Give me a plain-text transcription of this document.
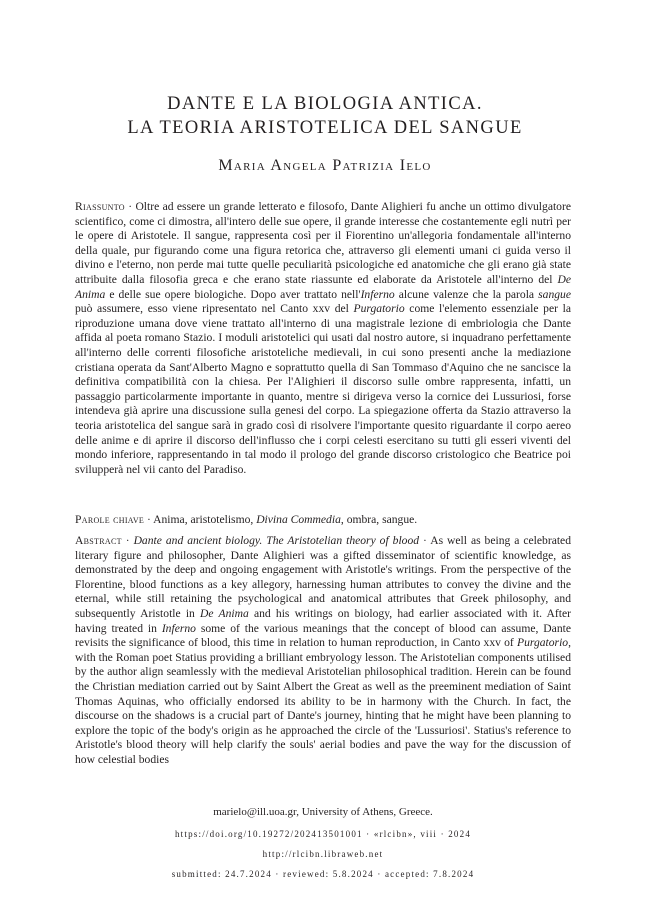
DANTE E LA BIOLOGIA ANTICA.
LA TEORIA ARISTOTELICA DEL SANGUE

Maria Angela Patrizia Ielo

Riassunto · Oltre ad essere un grande letterato e filosofo, Dante Alighieri fu anche un ottimo divulgatore scientifico, come ci dimostra, all'intero delle sue opere, il grande interesse che costantemente egli nutrì per le opere di Aristotele. Il sangue, rappresenta così per il Fiorentino un'allegoria fondamentale all'interno della quale, pur figurando come una figura retorica che, attraverso gli elementi umani ci guida verso il divino e l'eterno, non perde mai tutte quelle peculiarità psicologiche ed anatomiche che gli erano già state attribuite dalla filosofia greca e che erano state riassunte ed elaborate da Aristotele all'interno del De Anima e delle sue opere biologiche. Dopo aver trattato nell'Inferno alcune valenze che la parola sangue può assumere, esso viene ripresentato nel Canto xxv del Purgatorio come l'elemento essenziale per la riproduzione umana dove viene trattato all'interno di una magistrale lezione di embriologia che Dante affida al poeta romano Stazio. I moduli aristotelici qui usati dal nostro autore, si inquadrano perfettamente all'interno delle correnti filosofiche aristoteliche medievali, in cui sono presenti anche la mediazione cristiana operata da Sant'Alberto Magno e soprattutto quella di San Tommaso d'Aquino che ne sancisce la definitiva compatibilità con la chiesa. Per l'Alighieri il discorso sulle ombre rappresenta, infatti, un passaggio particolarmente importante in quanto, mentre si dirigeva verso la cornice dei Lussuriosi, forse intendeva già aprire una discussione sulla genesi del corpo. La spiegazione offerta da Stazio attraverso la teoria aristotelica del sangue sarà in grado così di risolvere l'importante quesito riguardante il corpo aereo delle anime e di aprire il discorso dell'influsso che i corpi celesti esercitano su tutti gli esseri viventi del mondo inferiore, rappresentando in tal modo il prologo del grande discorso cristologico che Beatrice poi svilupperà nel vii canto del Paradiso.

Parole chiave · Anima, aristotelismo, Divina Commedia, ombra, sangue.

Abstract · Dante and ancient biology. The Aristotelian theory of blood · As well as being a celebrated literary figure and philosopher, Dante Alighieri was a gifted disseminator of scientific knowledge, as demonstrated by the deep and ongoing engagement with Aristotle's writings. From the perspective of the Florentine, blood functions as a key allegory, harnessing human attributes to convey the divine and the eternal, while still retaining the psychological and anatomical attributes that Greek philosophy, and subsequently Aristotle in De Anima and his writings on biology, had earlier associated with it. After having treated in Inferno some of the various meanings that the concept of blood can assume, Dante revisits the significance of blood, this time in relation to human reproduction, in Canto xxv of Purgatorio, with the Roman poet Statius providing a brilliant embryology lesson. The Aristotelian components utilised by the author align seamlessly with the medieval Aristotelian philosophical tradition. Herein can be found the Christian mediation carried out by Saint Albert the Great as well as the preeminent mediation of Saint Thomas Aquinas, who officially endorsed its ability to be in harmony with the Church. In fact, the discourse on the shadows is a crucial part of Dante's journey, hinting that he might have been planning to explore the topic of the body's origin as he approached the circle of the 'Lussuriosi'. Statius's reference to Aristotle's blood theory will help clarify the souls' aerial bodies and pave the way for the discussion of how celestial bodies

marielo@ill.uoa.gr, University of Athens, Greece.

https://doi.org/10.19272/202413501001 · «rlcibn», viii · 2024

http://rlcibn.libraweb.net

submitted: 24.7.2024 · reviewed: 5.8.2024 · accepted: 7.8.2024
